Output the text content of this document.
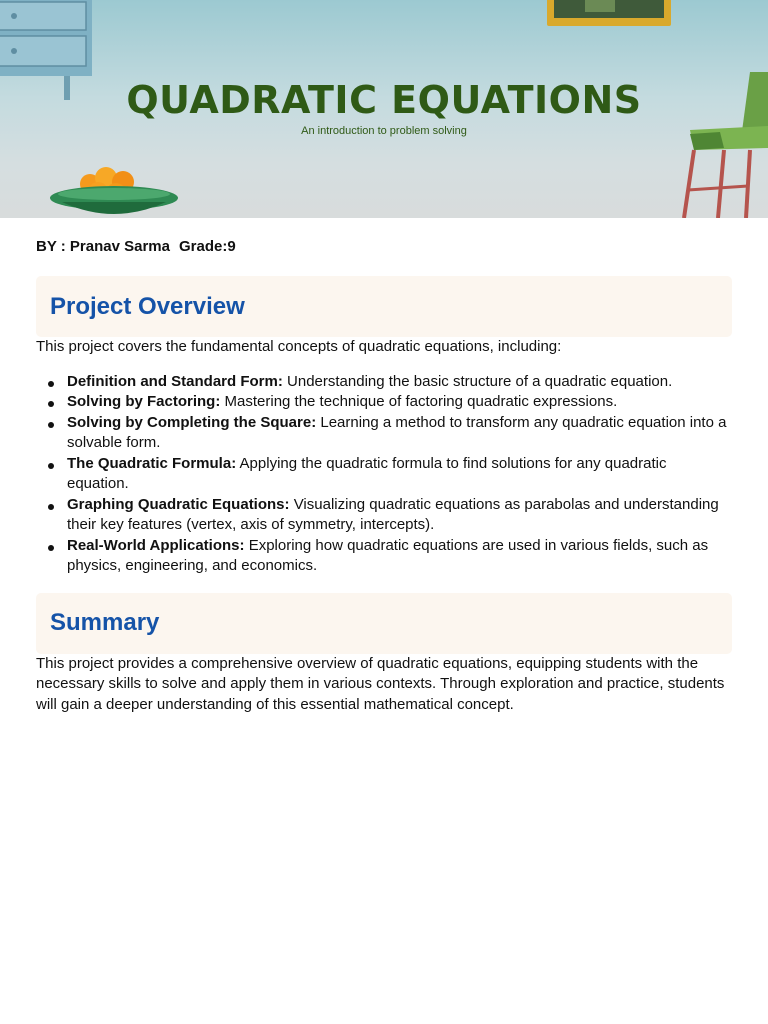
QUADRATIC EQUATIONS

An introduction to problem solving

BY : Pranav Sarma Grade:9
Project Overview

This project covers the fundamental concepts of quadratic equations, including:

Definition and Standard Form: Understanding the basic structure of a quadratic equation.
Solving by Factoring: Mastering the technique of factoring quadratic expressions.
Solving by Completing the Square: Learning a method to transform any quadratic equation into a solvable form.
The Quadratic Formula: Applying the quadratic formula to find solutions for any quadratic equation.
Graphing Quadratic Equations: Visualizing quadratic equations as parabolas and understanding their key features (vertex, axis of symmetry, intercepts).
Real-World Applications: Exploring how quadratic equations are used in various fields, such as physics, engineering, and economics.
Summary

This project provides a comprehensive overview of quadratic equations, equipping students with the necessary skills to solve and apply them in various contexts. Through exploration and practice, students will gain a deeper understanding of this essential mathematical concept.
